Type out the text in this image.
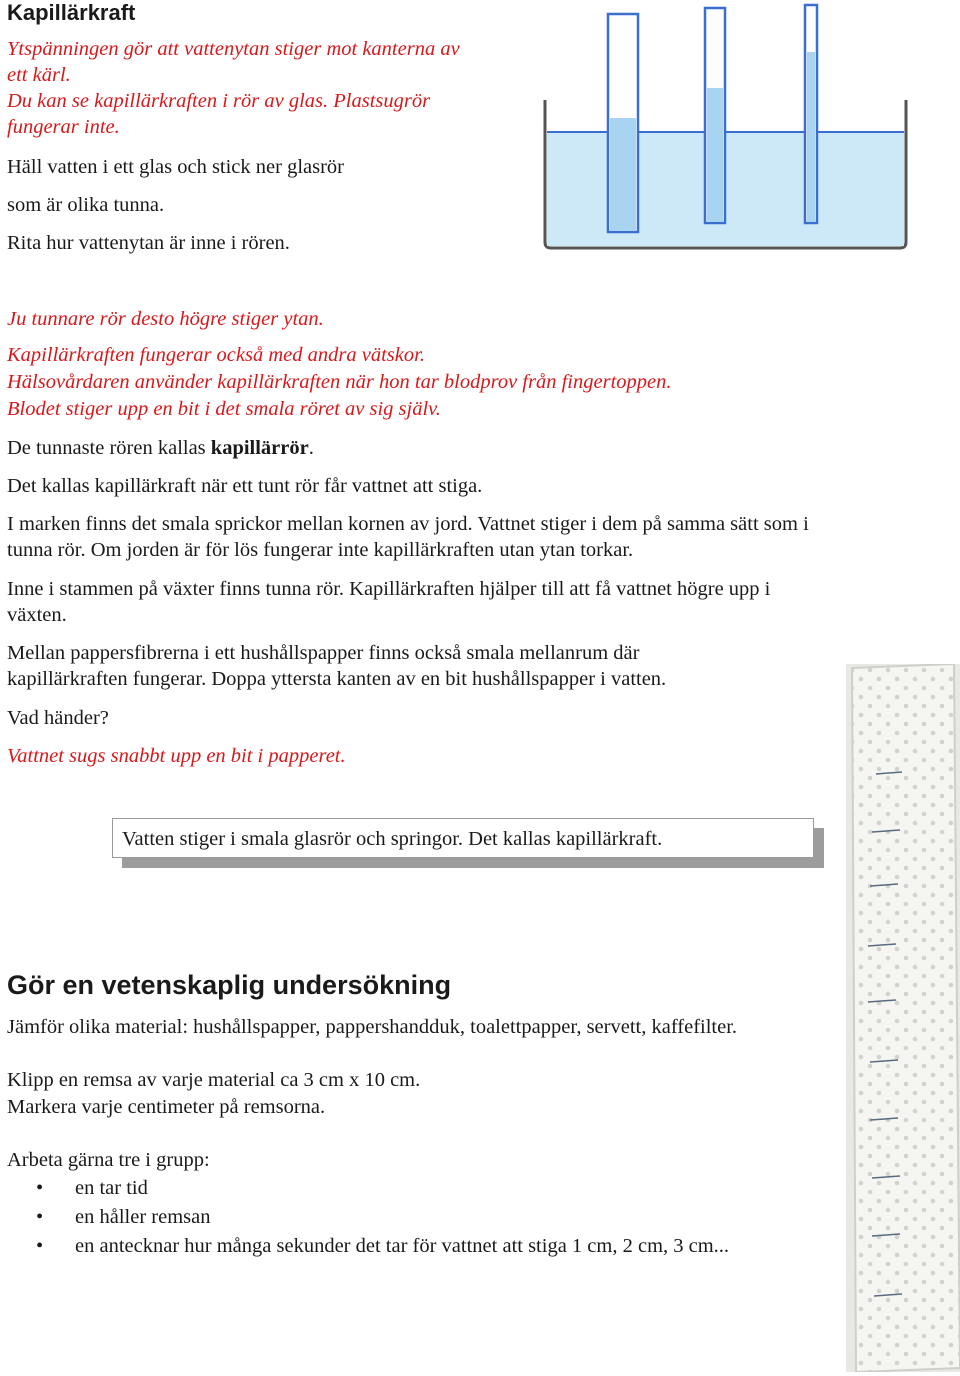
Kapillärkraft
Ytspänningen gör att vattenytan stiger mot kanterna av
ett kärl.
Du kan se kapillärkraften i rör av glas. Plastsugrör
fungerar inte.
Häll vatten i ett glas och stick ner glasrör
som är olika tunna.
Rita hur vattenytan är inne i rören.
Ju tunnare rör desto högre stiger ytan.
Kapillärkraften fungerar också med andra vätskor.
Hälsovårdaren använder kapillärkraften när hon tar blodprov från fingertoppen.
Blodet stiger upp en bit i det smala röret av sig själv.
De tunnaste rören kallas kapillärrör.
Det kallas kapillärkraft när ett tunt rör får vattnet att stiga.
I marken finns det smala sprickor mellan kornen av jord. Vattnet stiger i dem på samma sätt som i
tunna rör. Om jorden är för lös fungerar inte kapillärkraften utan ytan torkar.
Inne i stammen på växter finns tunna rör. Kapillärkraften hjälper till att få vattnet högre upp i
växten.
Mellan pappersfibrerna i ett hushållspapper finns också smala mellanrum där
kapillärkraften fungerar. Doppa yttersta kanten av en bit hushållspapper i vatten.
Vad händer?
Vattnet sugs snabbt upp en bit i papperet.
Vatten stiger i smala glasrör och springor. Det kallas kapillärkraft.
Gör en vetenskaplig undersökning
Jämför olika material: hushållspapper, pappershandduk, toalettpapper, servett, kaffefilter.
Klipp en remsa av varje material ca 3 cm x 10 cm.
Markera varje centimeter på remsorna.
Arbeta gärna tre i grupp:
• en tar tid
• en håller remsan
• en antecknar hur många sekunder det tar för vattnet att stiga 1 cm, 2 cm, 3 cm...
